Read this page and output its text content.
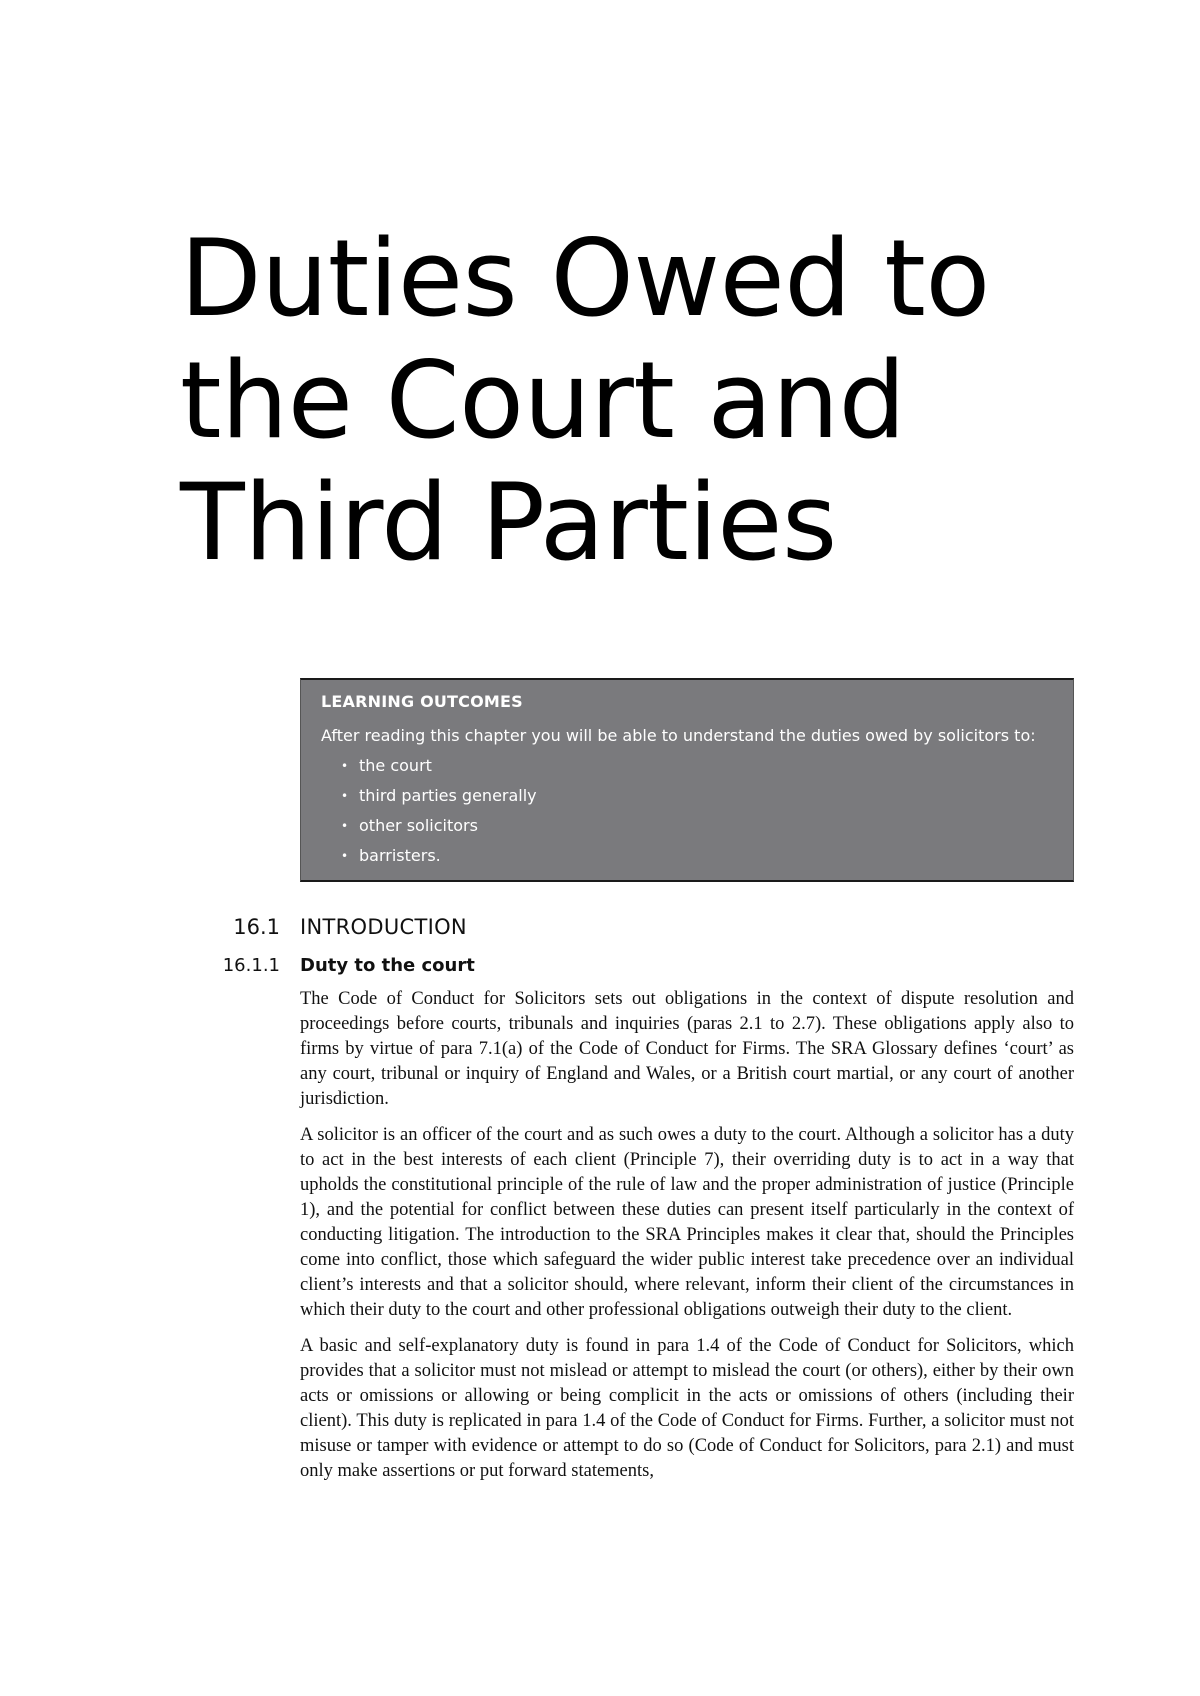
Duties Owed to
the Court and
Third Parties
LEARNING OUTCOMES
After reading this chapter you will be able to understand the duties owed by solicitors to:
• the court
• third parties generally
• other solicitors
• barristers.
16.1 INTRODUCTION
16.1.1 Duty to the court

The Code of Conduct for Solicitors sets out obligations in the context of dispute resolution and proceedings before courts, tribunals and inquiries (paras 2.1 to 2.7). These obligations apply also to firms by virtue of para 7.1(a) of the Code of Conduct for Firms. The SRA Glossary defines ‘court’ as any court, tribunal or inquiry of England and Wales, or a British court martial, or any court of another jurisdiction.

A solicitor is an officer of the court and as such owes a duty to the court. Although a solicitor has a duty to act in the best interests of each client (Principle 7), their overriding duty is to act in a way that upholds the constitutional principle of the rule of law and the proper administration of justice (Principle 1), and the potential for conflict between these duties can present itself particularly in the context of conducting litigation. The introduction to the SRA Principles makes it clear that, should the Principles come into conflict, those which safeguard the wider public interest take precedence over an individual client’s interests and that a solicitor should, where relevant, inform their client of the circumstances in which their duty to the court and other professional obligations outweigh their duty to the client.

A basic and self-explanatory duty is found in para 1.4 of the Code of Conduct for Solicitors, which provides that a solicitor must not mislead or attempt to mislead the court (or others), either by their own acts or omissions or allowing or being complicit in the acts or omissions of others (including their client). This duty is replicated in para 1.4 of the Code of Conduct for Firms. Further, a solicitor must not misuse or tamper with evidence or attempt to do so (Code of Conduct for Solicitors, para 2.1) and must only make assertions or put forward statements,
